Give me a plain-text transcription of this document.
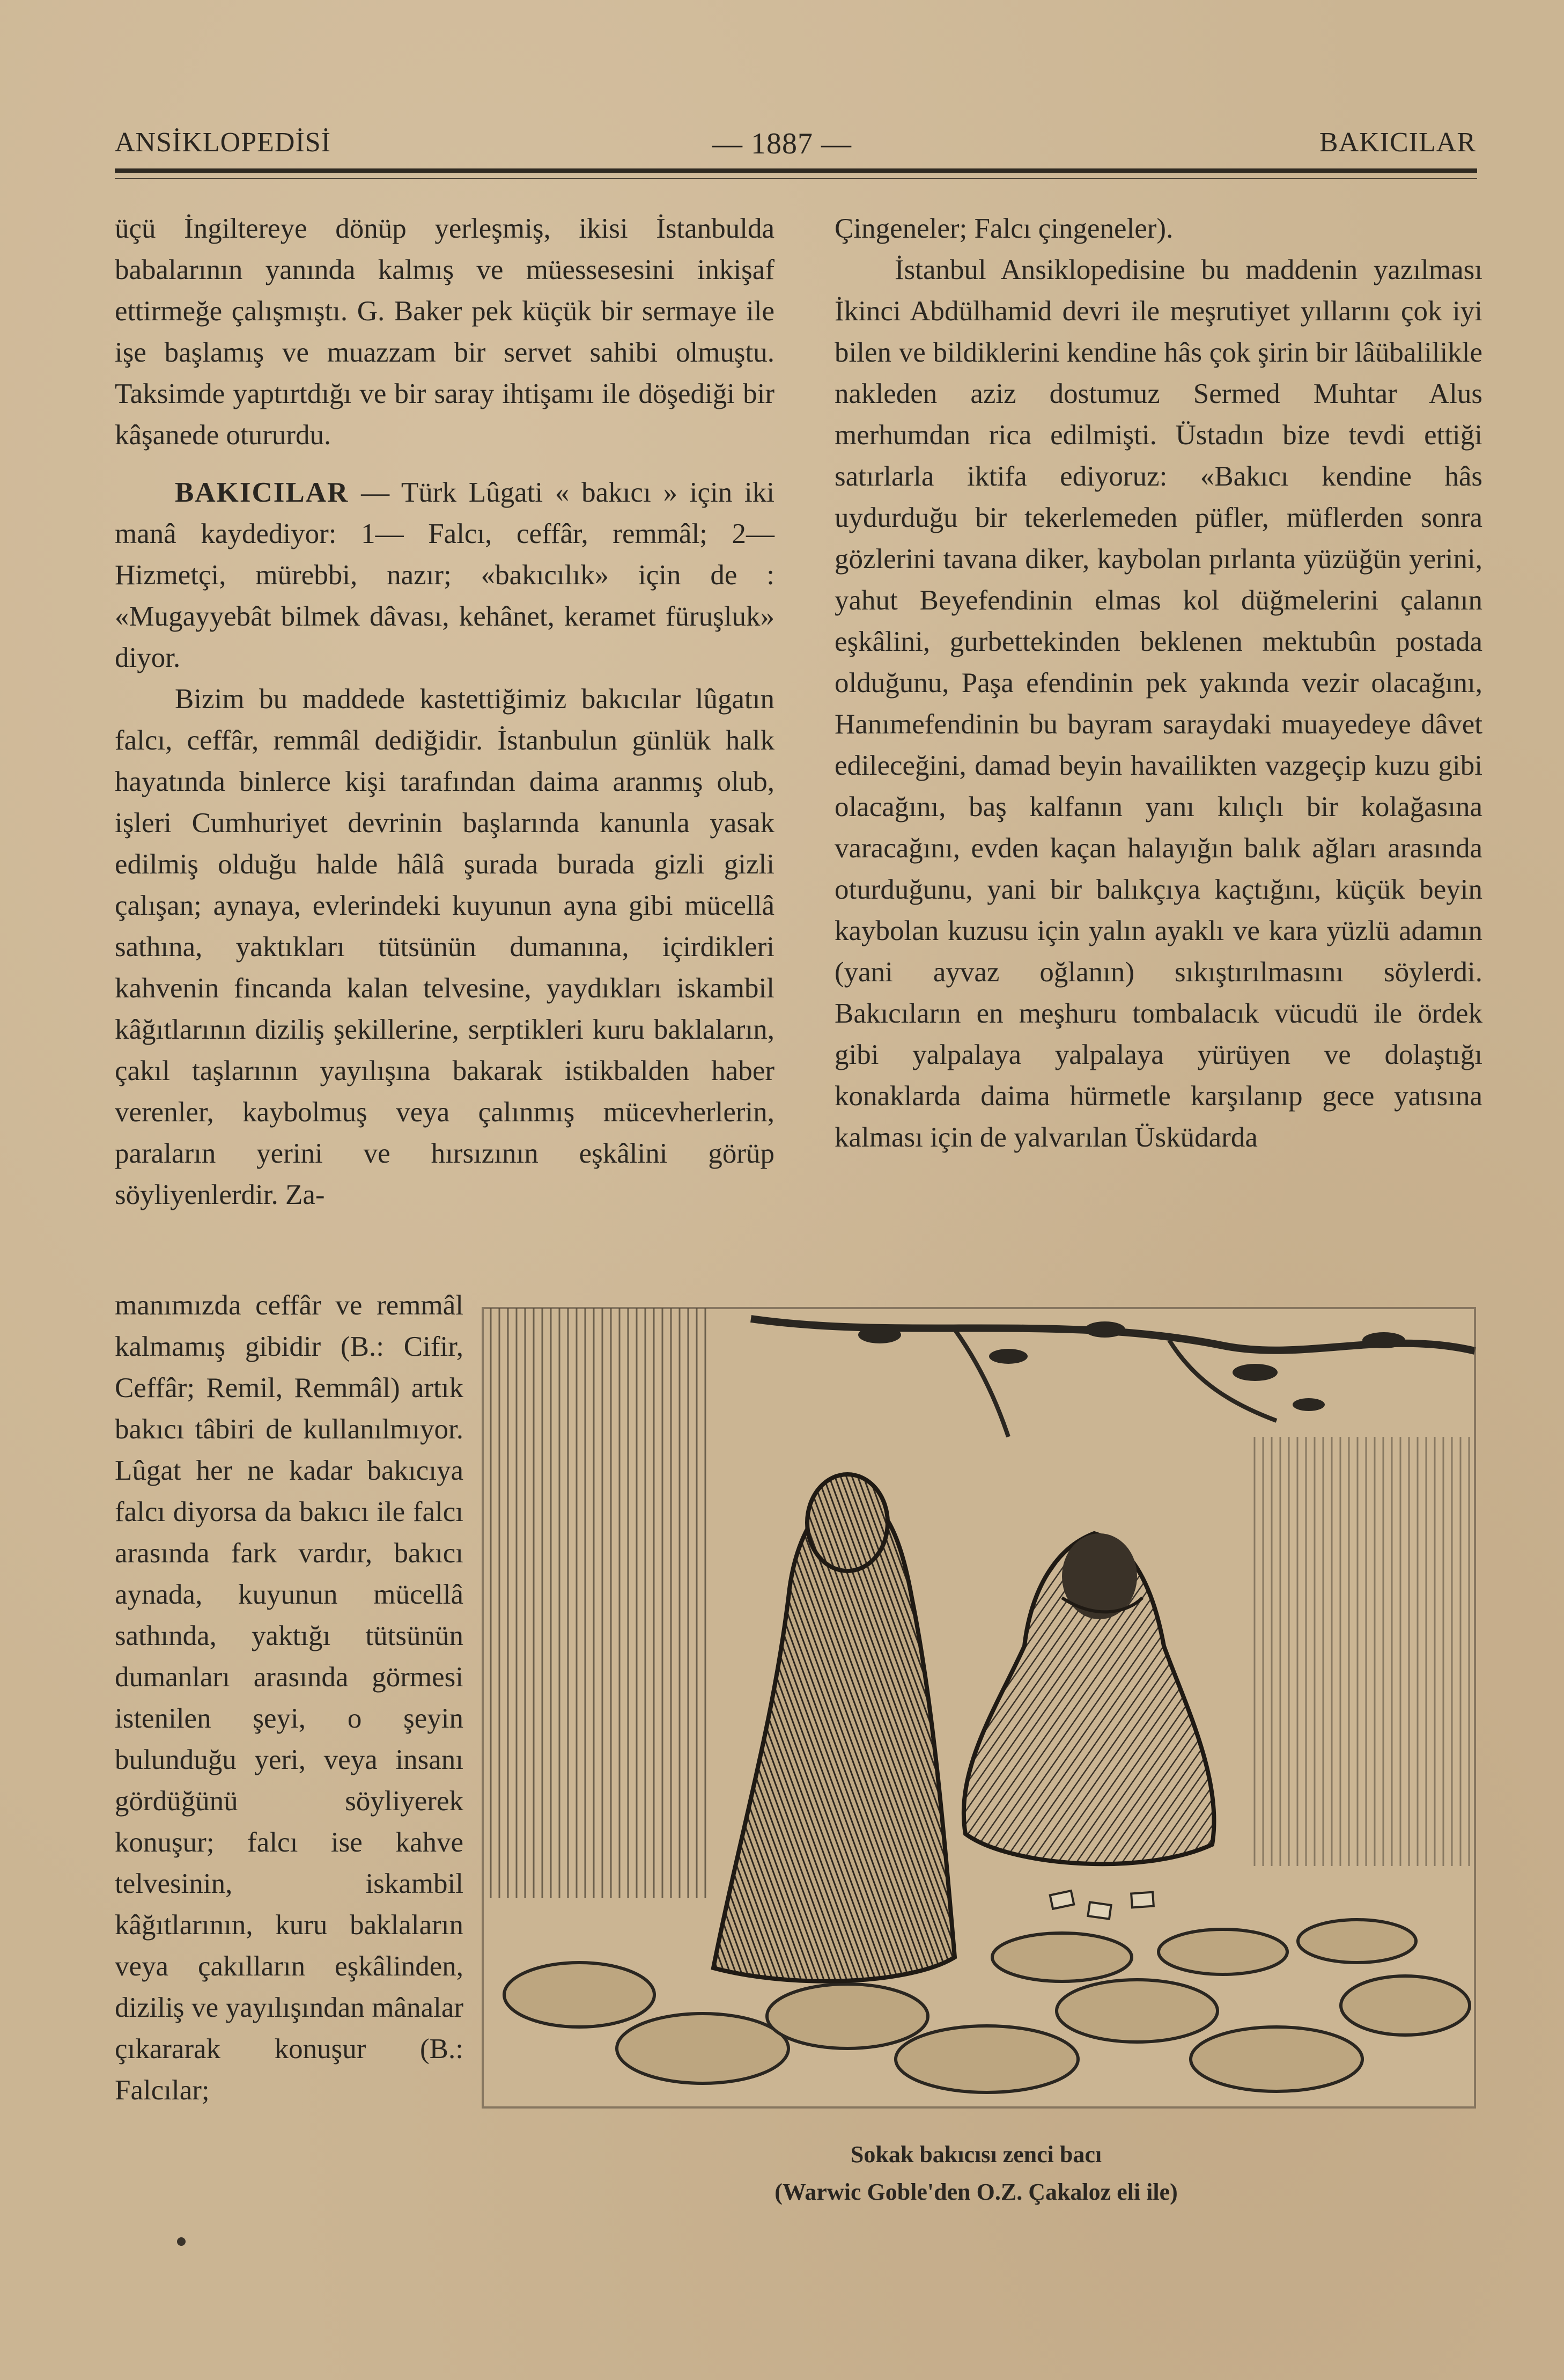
ANSİKLOPEDİSİ	— 1887 —	BAKICILAR

üçü İngiltereye dönüp yerleşmiş, ikisi İstanbulda babalarının yanında kalmış ve müessesesini inkişaf ettirmeğe çalışmıştı. G. Baker pek küçük bir sermaye ile işe başlamış ve muazzam bir servet sahibi olmuştu. Taksimde yaptırtdığı ve bir saray ihtişamı ile döşediği bir kâşanede otururdu.

BAKICILAR — Türk Lûgati « bakıcı » için iki manâ kaydediyor: 1— Falcı, ceffâr, remmâl; 2— Hizmetçi, mürebbi, nazır; «bakıcılık» için de : «Mugayyebât bilmek dâvası, kehânet, keramet füruşluk» diyor.

Bizim bu maddede kastettiğimiz bakıcılar lûgatın falcı, ceffâr, remmâl dediğidir. İstanbulun günlük halk hayatında binlerce kişi tarafından daima aranmış olub, işleri Cumhuriyet devrinin başlarında kanunla yasak edilmiş olduğu halde hâlâ şurada burada gizli gizli çalışan; aynaya, evlerindeki kuyunun ayna gibi mücellâ sathına, yaktıkları tütsünün dumanına, içirdikleri kahvenin fincanda kalan telvesine, yaydıkları iskambil kâğıtlarının diziliş şekillerine, serptikleri kuru baklaların, çakıl taşlarının yayılışına bakarak istikbalden haber verenler, kaybolmuş veya çalınmış mücevherlerin, paraların yerini ve hırsızının eşkâlini görüp söyliyenlerdir. Za-

manımızda ceffâr ve remmâl kalmamış gibidir (B.: Cifir, Ceffâr; Remil, Remmâl) artık bakıcı tâbiri de kullanılmıyor. Lûgat her ne kadar bakıcıya falcı diyorsa da bakıcı ile falcı arasında fark vardır, bakıcı aynada, kuyunun mücellâ sathında, yaktığı tütsünün dumanları arasında görmesi istenilen şeyi, o şeyin bulunduğu yeri, veya insanı gördüğünü söyliyerek konuşur; falcı ise kahve telvesinin, iskambil kâğıtlarının, kuru baklaların veya çakılların eşkâlinden, diziliş ve yayılışından mânalar çıkararak konuşur (B.: Falcılar;

Çingeneler; Falcı çingeneler).

İstanbul Ansiklopedisine bu maddenin yazılması İkinci Abdülhamid devri ile meşrutiyet yıllarını çok iyi bilen ve bildiklerini kendine hâs çok şirin bir lâübalilikle nakleden aziz dostumuz Sermed Muhtar Alus merhumdan rica edilmişti. Üstadın bize tevdi ettiği satırlarla iktifa ediyoruz: «Bakıcı kendine hâs uydurduğu bir tekerlemeden püfler, müflerden sonra gözlerini tavana diker, kaybolan pırlanta yüzüğün yerini, yahut Beyefendinin elmas kol düğmelerini çalanın eşkâlini, gurbettekinden beklenen mektubûn postada olduğunu, Paşa efendinin pek yakında vezir olacağını, Hanımefendinin bu bayram saraydaki muayedeye dâvet edileceğini, damad beyin havailikten vazgeçip kuzu gibi olacağını, baş kalfanın yanı kılıçlı bir kolağasına varacağını, evden kaçan halayığın balık ağları arasında oturduğunu, yani bir balıkçıya kaçtığını, küçük beyin kaybolan kuzusu için yalın ayaklı ve kara yüzlü adamın (yani ayvaz oğlanın) sıkıştırılmasını söylerdi. Bakıcıların en meşhuru tombalacık vücudü ile ördek gibi yalpalaya yalpalaya yürüyen ve dolaştığı konaklarda daima hürmetle karşılanıp gece yatısına kalması için de yalvarılan Üsküdarda

Sokak bakıcısı zenci bacı
(Warwic Goble'den O.Z. Çakaloz eli ile)
